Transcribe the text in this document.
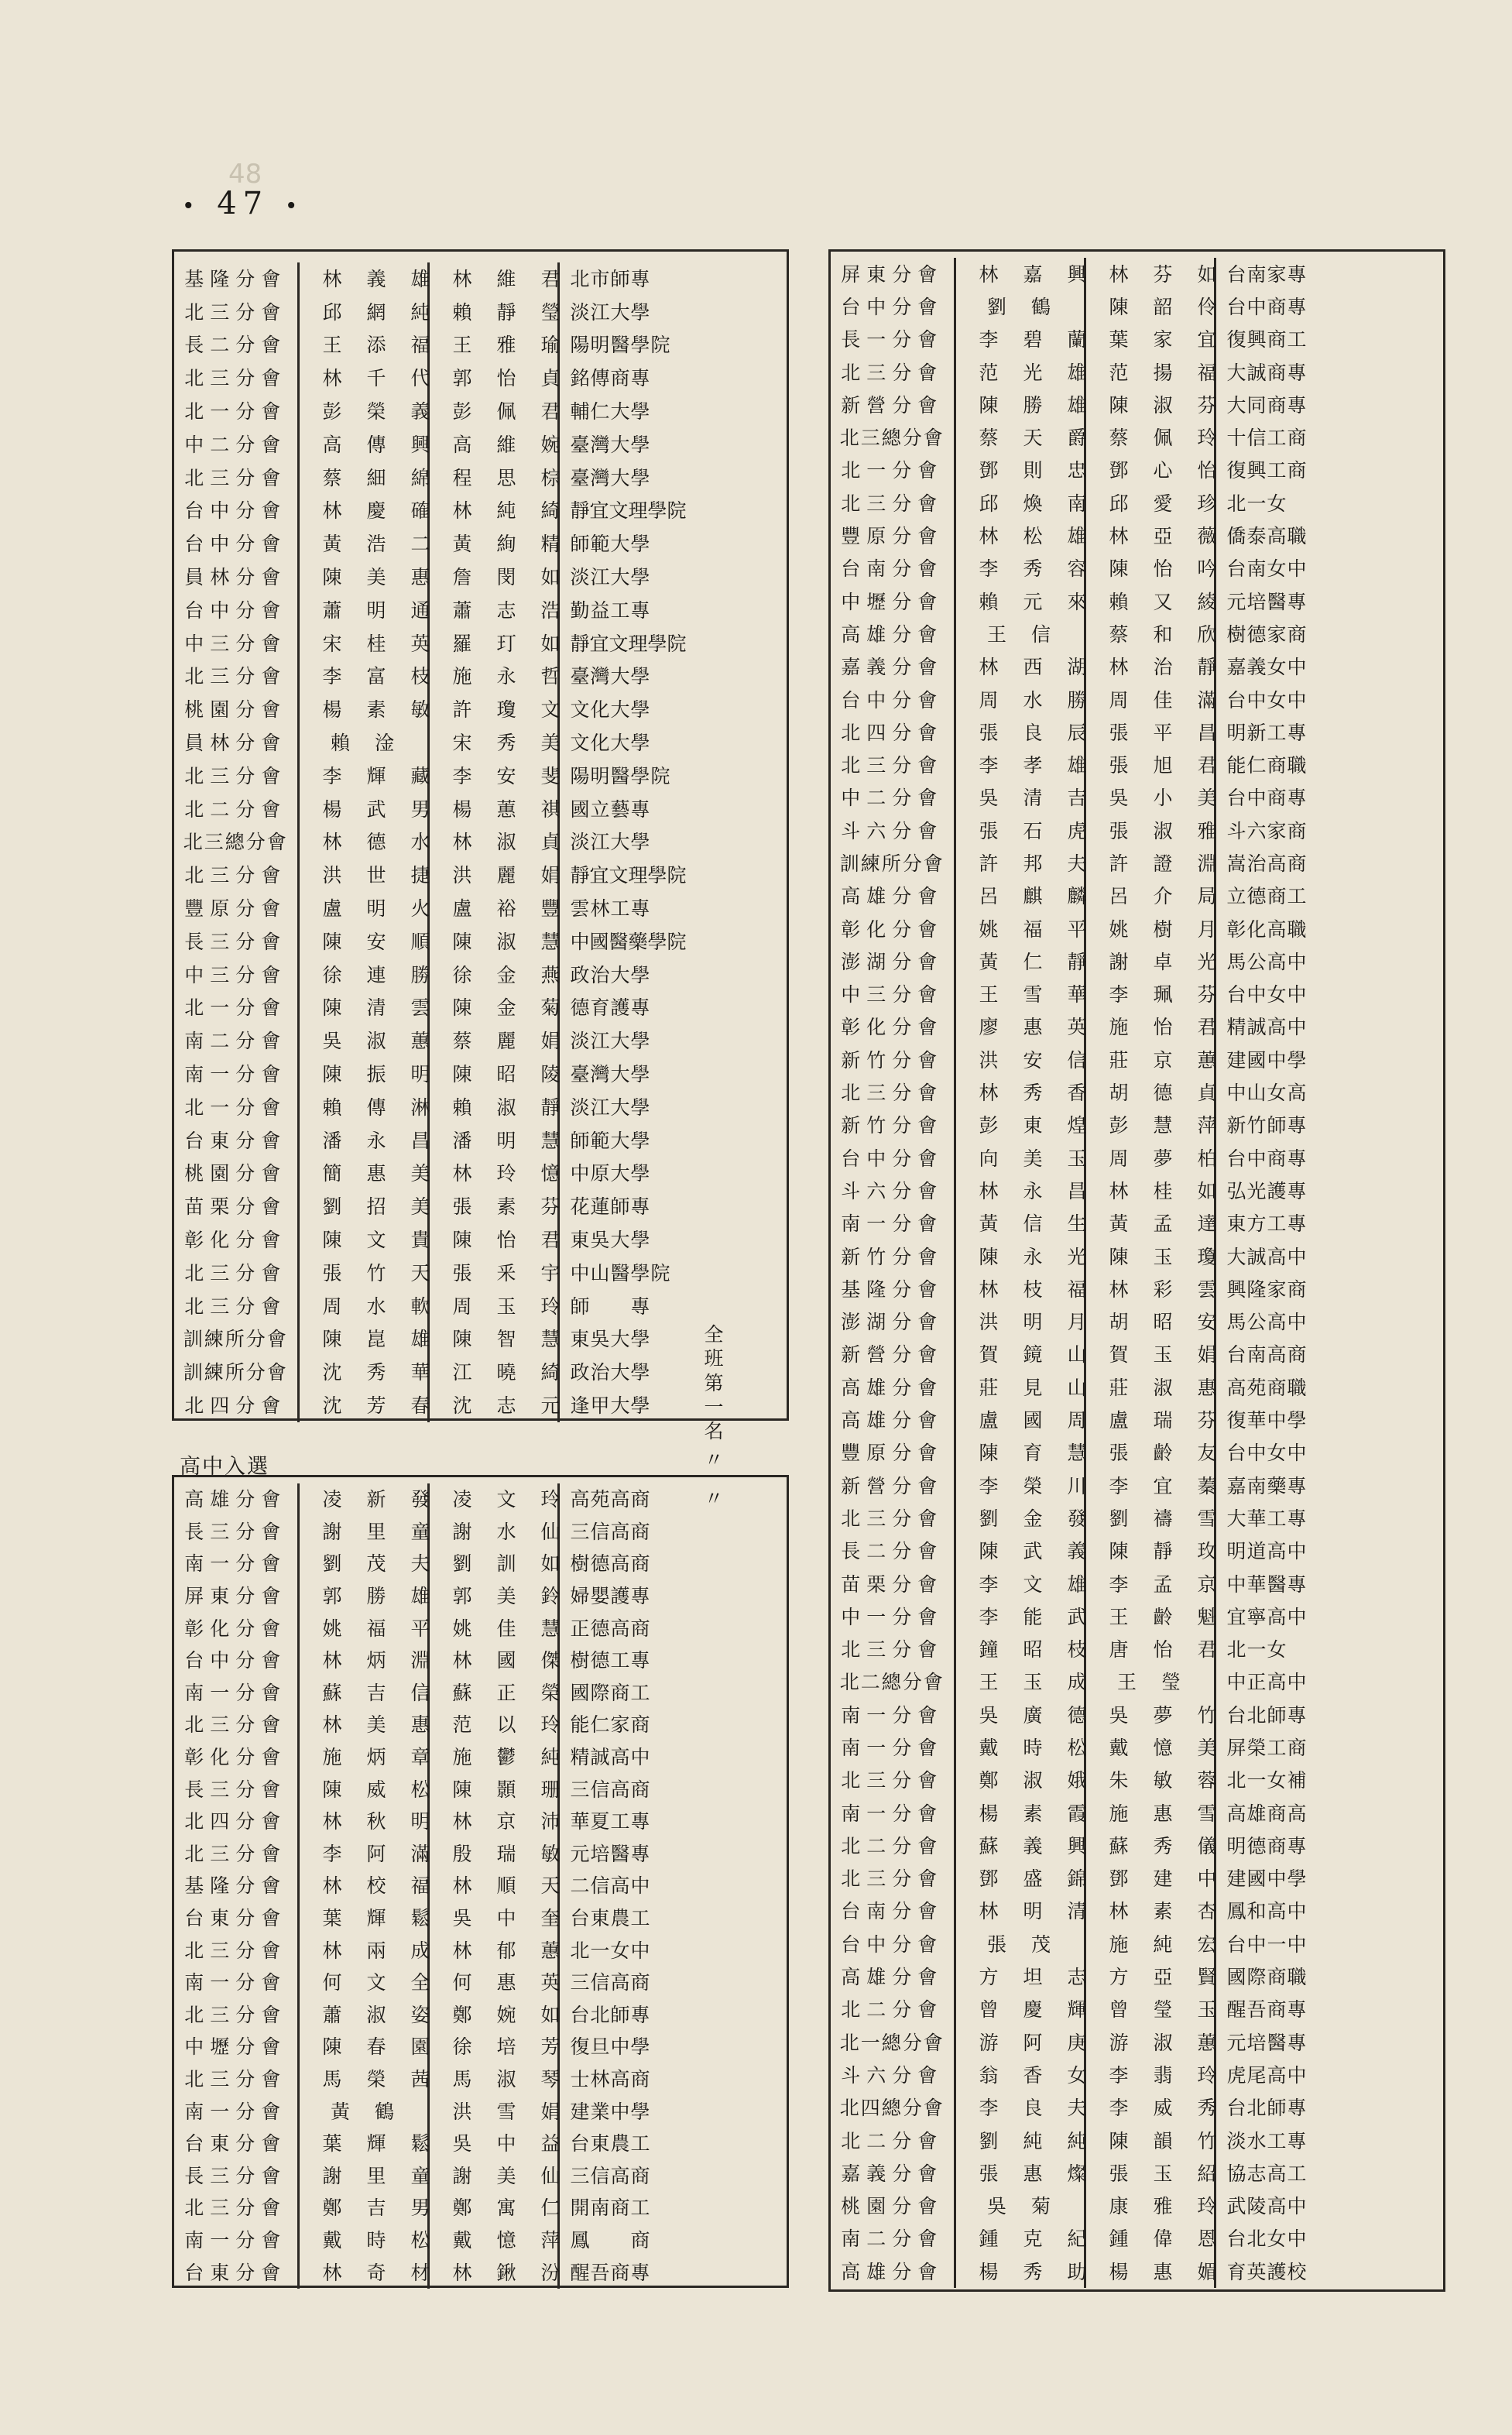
48
• 47 •
基隆分會	林義雄	林維君	北市師專
北三分會	邱網純	賴靜瑩	淡江大學
長二分會	王添福	王雅瑜	陽明醫學院
北三分會	林千代	郭怡貞	銘傳商專
北一分會	彭榮義	彭佩君	輔仁大學
中二分會	高傳興	高維婉	臺灣大學
北三分會	蔡細綿	程思棕	臺灣大學
台中分會	林慶確	林純綺	靜宜文理學院
台中分會	黃浩二	黃絢精	師範大學
員林分會	陳美惠	詹閔如	淡江大學
台中分會	蕭明通	蕭志浩	勤益工專
中三分會	宋桂英	羅玎如	靜宜文理學院
北三分會	李富枝	施永哲	臺灣大學
桃園分會	楊素敏	許瓊文	文化大學
員林分會	賴淦	宋秀美	文化大學
北三分會	李輝藏	李安斐	陽明醫學院
北二分會	楊武男	楊蕙祺	國立藝專
北三總分會	林德水	林淑貞	淡江大學
北三分會	洪世捷	洪麗娟	靜宜文理學院
豐原分會	盧明火	盧裕豐	雲林工專
長三分會	陳安順	陳淑慧	中國醫藥學院
中三分會	徐連勝	徐金燕	政治大學
北一分會	陳清雲	陳金菊	德育護專
南二分會	吳淑蕙	蔡麗娟	淡江大學
南一分會	陳振明	陳昭陵	臺灣大學
北一分會	賴傳淋	賴淑靜	淡江大學
台東分會	潘永昌	潘明慧	師範大學
桃園分會	簡惠美	林玲憶	中原大學
苗栗分會	劉招美	張素芬	花蓮師專
彰化分會	陳文貴	陳怡君	東吳大學
北三分會	張竹天	張釆宇	中山醫學院
北三分會	周水軟	周玉玲	師　　專
訓練所分會	陳崑雄	陳智慧	東吳大學
訓練所分會	沈秀華	江曉綺	政治大學
北四分會	沈芳春	沈志元	逢甲大學
全班第一名
〃
〃
高中入選
高雄分會	凌新發	凌文玲	高苑高商
長三分會	謝里童	謝水仙	三信高商
南一分會	劉茂夫	劉訓如	樹德高商
屏東分會	郭勝雄	郭美鈴	婦嬰護專
彰化分會	姚福平	姚佳慧	正德高商
台中分會	林炳淵	林國傑	樹德工專
南一分會	蘇吉信	蘇正榮	國際商工
北三分會	林美惠	范以玲	能仁家商
彰化分會	施炳章	施鬱純	精誠高中
長三分會	陳威松	陳顥珊	三信高商
北四分會	林秋明	林京沛	華夏工專
北三分會	李阿滿	殷瑞敏	元培醫專
基隆分會	林校福	林順天	二信高中
台東分會	葉輝鬆	吳中奎	台東農工
北三分會	林兩成	林郁蕙	北一女中
南一分會	何文全	何惠英	三信高商
北三分會	蕭淑姿	鄭婉如	台北師專
中壢分會	陳春園	徐培芳	復旦中學
北三分會	馬榮茜	馬淑琴	士林高商
南一分會	黃鶴	洪雪娟	建業中學
台東分會	葉輝鬆	吳中益	台東農工
長三分會	謝里童	謝美仙	三信高商
北三分會	鄭吉男	鄭寓仁	開南商工
南一分會	戴時松	戴憶萍	鳳　　商
台東分會	林奇材	林鍬汾	醒吾商專
屏東分會	林嘉興	林芬如	台南家專
台中分會	劉鶴	陳韶伶	台中商專
長一分會	李碧蘭	葉家宜	復興商工
北三分會	范光雄	范揚福	大誠商專
新營分會	陳勝雄	陳淑芬	大同商專
北三總分會	蔡天爵	蔡佩玲	十信工商
北一分會	鄧則忠	鄧心怡	復興工商
北三分會	邱煥南	邱愛珍	北一女
豐原分會	林松雄	林亞薇	僑泰高職
台南分會	李秀容	陳怡吟	台南女中
中壢分會	賴元來	賴又綾	元培醫專
高雄分會	王信	蔡和欣	樹德家商
嘉義分會	林西湖	林治靜	嘉義女中
台中分會	周水勝	周佳滿	台中女中
北四分會	張良辰	張平昌	明新工專
北三分會	李孝雄	張旭君	能仁商職
中二分會	吳清吉	吳小美	台中商專
斗六分會	張石虎	張淑雅	斗六家商
訓練所分會	許邦夫	許證淵	嵩治高商
高雄分會	呂麒麟	呂介局	立德商工
彰化分會	姚福平	姚樹月	彰化高職
澎湖分會	黃仁靜	謝卓光	馬公高中
中三分會	王雪華	李珮芬	台中女中
彰化分會	廖惠英	施怡君	精誠高中
新竹分會	洪安信	莊京蕙	建國中學
北三分會	林秀香	胡德貞	中山女高
新竹分會	彭東煌	彭慧萍	新竹師專
台中分會	向美玉	周夢柏	台中商專
斗六分會	林永昌	林桂如	弘光護專
南一分會	黃信生	黃孟達	東方工專
新竹分會	陳永光	陳玉瓊	大誠高中
基隆分會	林枝福	林彩雲	興隆家商
澎湖分會	洪明月	胡昭安	馬公高中
新營分會	賀鏡山	賀玉娟	台南高商
高雄分會	莊見山	莊淑惠	高苑商職
高雄分會	盧國周	盧瑞芬	復華中學
豐原分會	陳育慧	張齡友	台中女中
新營分會	李榮川	李宜蓁	嘉南藥專
北三分會	劉金發	劉禱雪	大華工專
長二分會	陳武義	陳靜玫	明道高中
苗栗分會	李文雄	李孟京	中華醫專
中一分會	李能武	王齡魁	宜寧高中
北三分會	鐘昭枝	唐怡君	北一女
北二總分會	王玉成	王瑩	中正高中
南一分會	吳廣德	吳夢竹	台北師專
南一分會	戴時松	戴憶美	屏榮工商
北三分會	鄭淑娥	朱敏蓉	北一女補
南一分會	楊素霞	施惠雪	高雄商高
北二分會	蘇義興	蘇秀儀	明德商專
北三分會	鄧盛錦	鄧建中	建國中學
台南分會	林明清	林素杏	鳳和高中
台中分會	張茂	施純宏	台中一中
高雄分會	方坦志	方亞賢	國際商職
北二分會	曾慶輝	曾瑩玉	醒吾商專
北一總分會	游阿庚	游淑蕙	元培醫專
斗六分會	翁香女	李翡玲	虎尾高中
北四總分會	李良夫	李威秀	台北師專
北二分會	劉純純	陳韻竹	淡水工專
嘉義分會	張惠燦	張玉紹	協志高工
桃園分會	吳菊	康雅玲	武陵高中
南二分會	鍾克紀	鍾偉恩	台北女中
高雄分會	楊秀助	楊惠媚	育英護校
